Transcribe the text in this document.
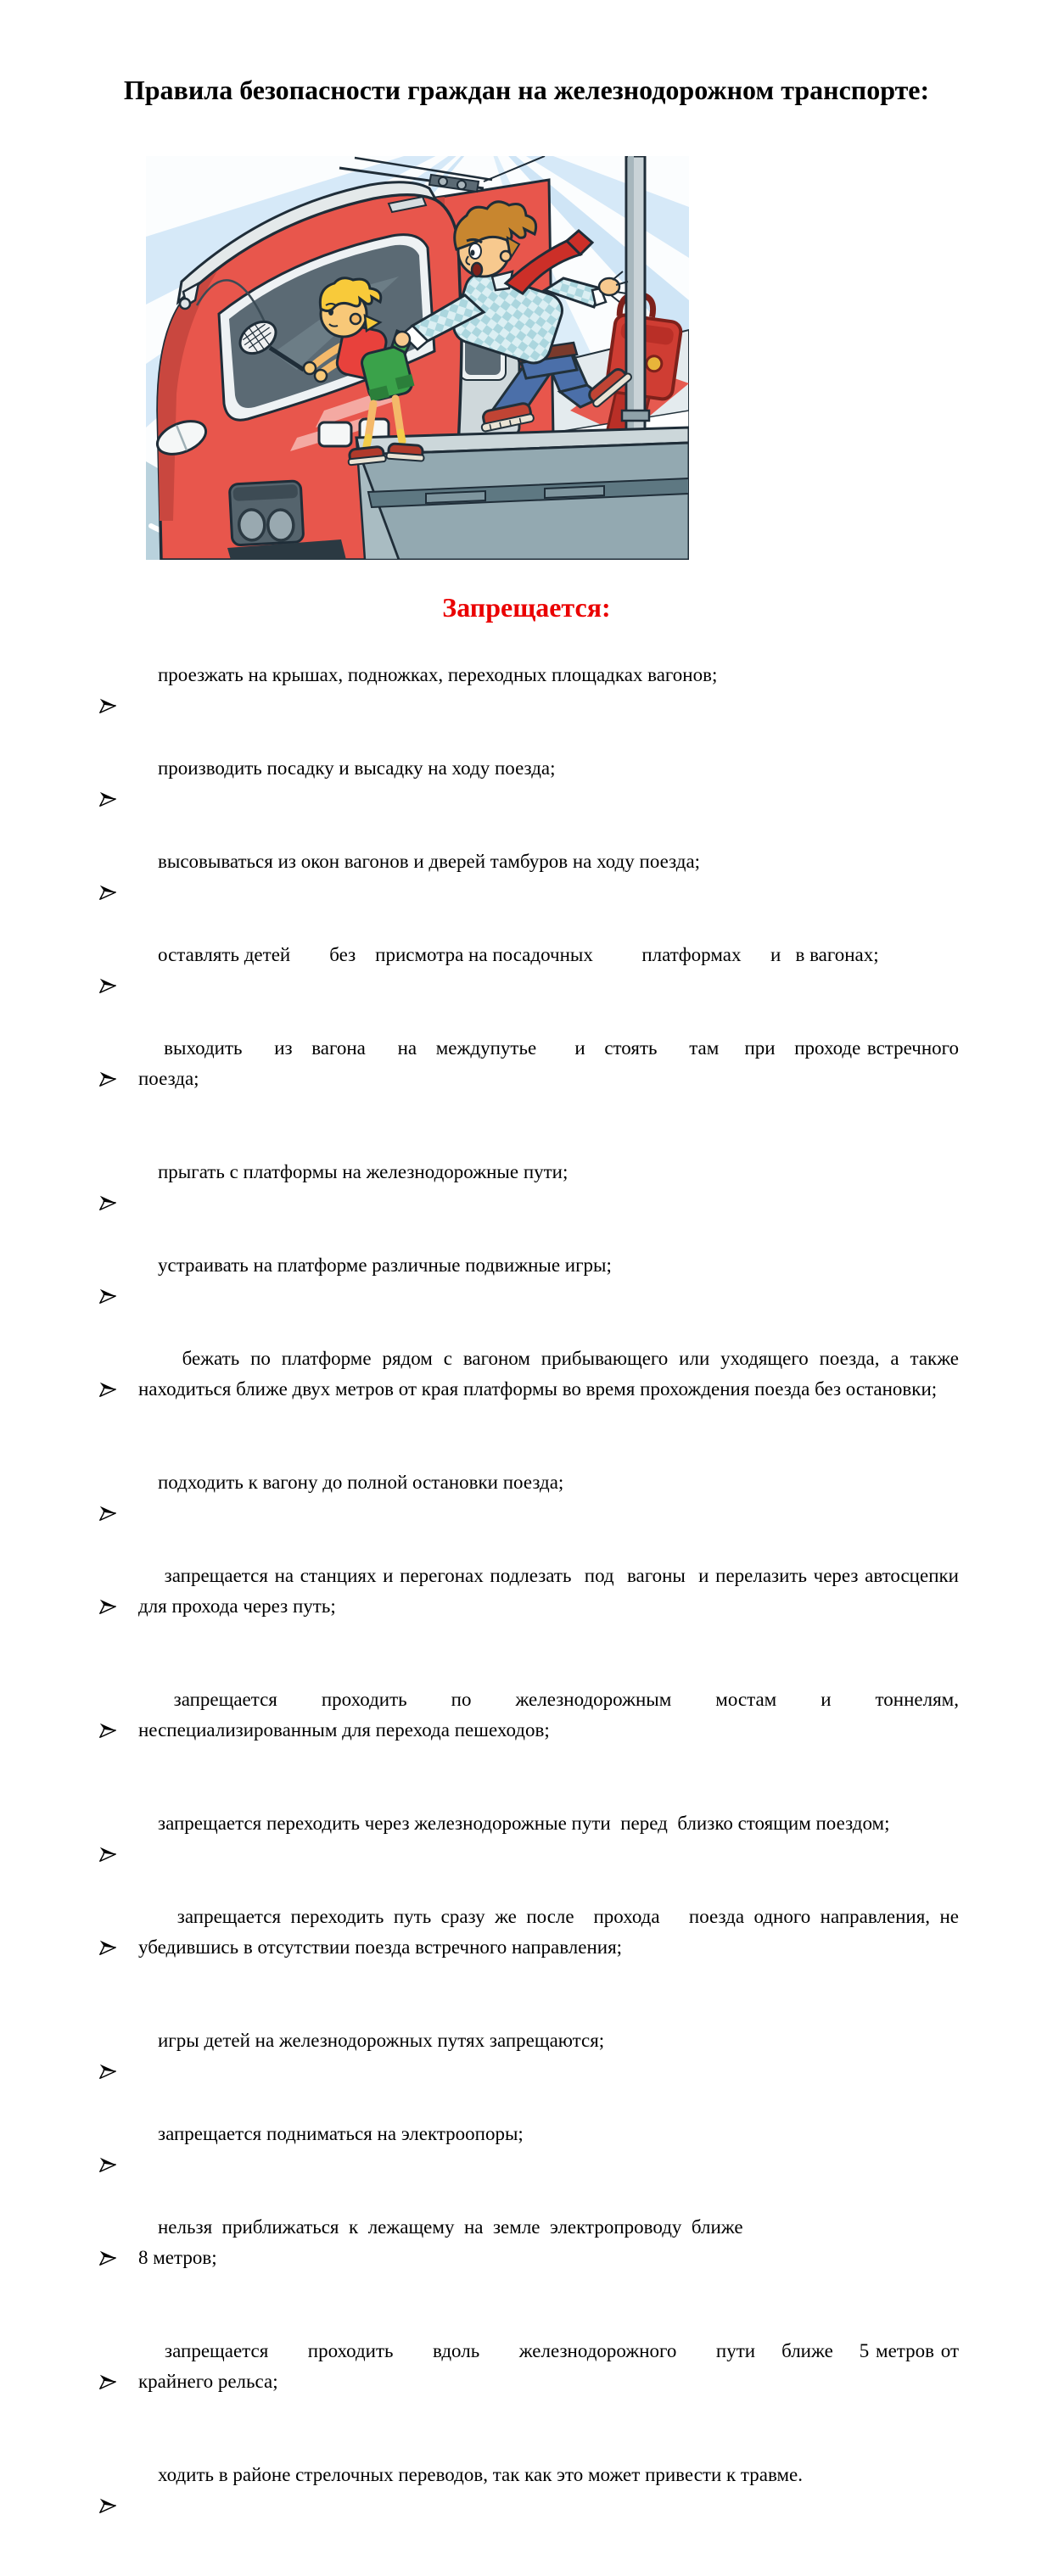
Правила безопасности граждан на железнодорожном транспорте:
Запрещается:

проезжать на крышах, подножках, переходных площадках вагонов;

производить посадку и высадку на ходу поезда;

высовываться из окон вагонов и дверей тамбуров на ходу поезда;

оставлять детей        без    присмотра на посадочных          платформах      и   в вагонах;

выходить     из   вагона     на   междупутье      и   стоять     там    при   проходе встречного поезда;

прыгать с платформы на железнодорожные пути;

устраивать на платформе различные подвижные игры;

бежать по платформе рядом с вагоном прибывающего или уходящего поезда, а также находиться ближе двух метров от края платформы во время прохождения поезда без остановки;

подходить к вагону до полной остановки поезда;

запрещается на станциях и перегонах подлезать  под  вагоны  и перелазить через автосцепки для прохода через путь;

запрещается     проходить     по     железнодорожным     мостам     и     тоннелям, неспециализированным для перехода пешеходов;

запрещается переходить через железнодорожные пути  перед  близко стоящим поездом;

запрещается переходить путь сразу же после  прохода   поезда одного направления, не убедившись в отсутствии поезда встречного направления;

игры детей на железнодорожных путях запрещаются;

запрещается подниматься на электроопоры;

нельзя  приближаться  к  лежащему  на  земле  электропроводу  ближе
8 метров;

запрещается      проходить      вдоль      железнодорожного      пути    ближе    5 метров от крайнего рельса;

ходить в районе стрелочных переводов, так как это может привести к травме.
